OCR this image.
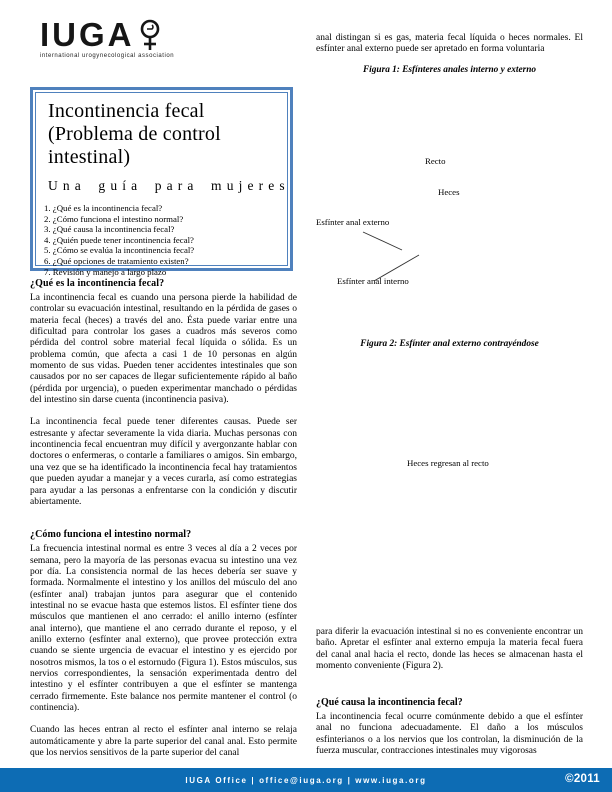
IUGA
international urogynecological association
Incontinencia fecal (Problema de control intestinal)
Una guía para mujeres
1. ¿Qué es la incontinencia fecal?
2. ¿Cómo funciona el intestino normal?
3. ¿Qué causa la incontinencia fecal?
4. ¿Quién puede tener incontinencia fecal?
5. ¿Cómo se evalúa la incontinencia fecal?
6. ¿Qué opciones de tratamiento existen?
7. Revisión y manejo a largo plazo
¿Qué es la incontinencia fecal?

La incontinencia fecal es cuando una persona pierde la habilidad de controlar su evacuación intestinal, resultando en la pérdida de gases o materia fecal (heces) a través del ano. Ésta puede variar entre una dificultad para controlar los gases a cuadros más severos como pérdida del control sobre material fecal líquida o sólida. Es un problema común, que afecta a casi 1 de 10 personas en algún momento de sus vidas. Pueden tener accidentes intestinales que son causados por no ser capaces de llegar suficientemente rápido al baño (pérdida por urgencia), o pueden experimentar manchado o pérdidas del intestino sin darse cuenta (incontinencia pasiva).

La incontinencia fecal puede tener diferentes causas. Puede ser estresante y afectar severamente la vida diaria. Muchas personas con incontinencia fecal encuentran muy difícil y avergonzante hablar con doctores o enfermeras, o contarle a familiares o amigos. Sin embargo, una vez que se ha identificado la incontinencia fecal hay tratamientos que pueden ayudar a manejar y a veces curarla, así como estrategias para ayudar a las personas a enfrentarse con la condición y discutir abiertamente.

¿Cómo funciona el intestino normal?

La frecuencia intestinal normal es entre 3 veces al día a 2 veces por semana, pero la mayoría de las personas evacua su intestino una vez por día. La consistencia normal de las heces debería ser suave y formada. Normalmente el intestino y los anillos del músculo del ano (esfínter anal) trabajan juntos para asegurar que el contenido intestinal no se evacue hasta que estemos listos. El esfínter tiene dos músculos que mantienen el ano cerrado: el anillo interno (esfínter anal interno), que mantiene el ano cerrado durante el reposo, y el anillo externo (esfínter anal externo), que provee protección extra cuando se siente urgencia de evacuar el intestino y es ejercido por nosotros mismos, la tos o el estornudo (Figura 1). Estos músculos, sus nervios correspondientes, la sensación experimentada dentro del intestino y el esfínter contribuyen a que el esfínter se mantenga cerrado firmemente. Este balance nos permite mantener el control (o continencia).

Cuando las heces entran al recto el esfínter anal interno se relaja automáticamente y abre la parte superior del canal anal. Esto permite que los nervios sensitivos de la parte superior del canal

anal distingan si es gas, materia fecal líquida o heces normales. El esfínter anal externo puede ser apretado en forma voluntaria

Figura 1: Esfínteres anales interno y externo
Recto
Heces
Esfínter anal externo
Esfínter anal interno
Figura 2: Esfínter anal externo contrayéndose
Heces regresan al recto

para diferir la evacuación intestinal si no es conveniente encontrar un baño. Apretar el esfínter anal externo empuja la materia fecal fuera del canal anal hacia el recto, donde las heces se almacenan hasta el momento conveniente (Figura 2).

¿Qué causa la incontinencia fecal?

La incontinencia fecal ocurre comúnmente debido a que el esfínter anal no funciona adecuadamente. El daño a los músculos esfinterianos o a los nervios que los controlan, la disminución de la fuerza muscular, contracciones intestinales muy vigorosas

IUGA Office | office@iuga.org | www.iuga.org	©2011
